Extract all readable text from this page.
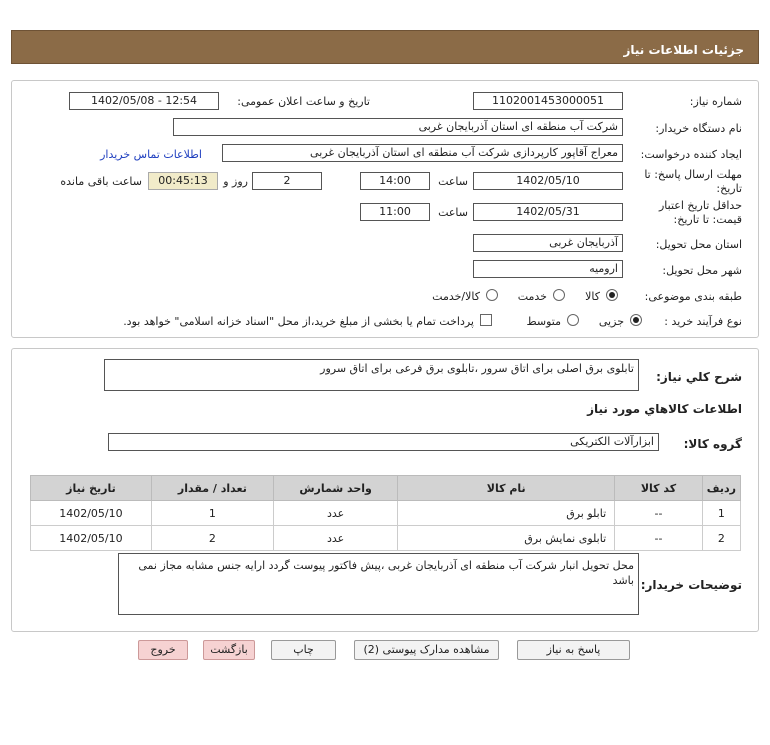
جزئیات اطلاعات نیاز
شماره نیاز:
1102001453000051
تاریخ و ساعت اعلان عمومی:
1402/05/08 - 12:54
نام دستگاه خریدار:
شرکت آب منطقه ای استان آذربایجان غربی
ایجاد کننده درخواست:
معراج آقاپور کارپردازی شرکت آب منطقه ای استان آذربایجان غربی
اطلاعات تماس خریدار
مهلت ارسال پاسخ: تا
تاریخ:
1402/05/10
ساعت
14:00
2
روز و
00:45:13
ساعت باقی مانده
حداقل تاریخ اعتبار
قیمت: تا تاریخ:
1402/05/31
ساعت
11:00
استان محل تحویل:
آذربایجان غربی
شهر محل تحویل:
ارومیه
طبقه بندی موضوعی:
کالا
خدمت
کالا/خدمت
نوع فرآیند خرید :
جزیی
متوسط
پرداخت تمام یا بخشی از مبلغ خرید،از محل "اسناد خزانه اسلامی" خواهد بود.
شرح کلي نياز:
تابلوی برق اصلی برای اتاق سرور ،تابلوی برق فرعی برای اتاق سرور
اطلاعات کالاهاي مورد نياز
گروه کالا:
ابزارآلات الکتریکی
ردیف	کد کالا	نام کالا	واحد شمارش	تعداد / مقدار	تاریخ نیاز
1	--	تابلو برق	عدد	1	1402/05/10
2	--	تابلوی نمایش برق	عدد	2	1402/05/10
توضیحات خریدار:
محل تحویل انبار شرکت آب منطقه ای آذربایجان غربی ،پیش فاکتور پیوست گردد ارایه جنس مشابه مجاز نمی باشد
پاسخ به نیاز
مشاهده مدارک پیوستی (2)
چاپ
بازگشت
خروج
